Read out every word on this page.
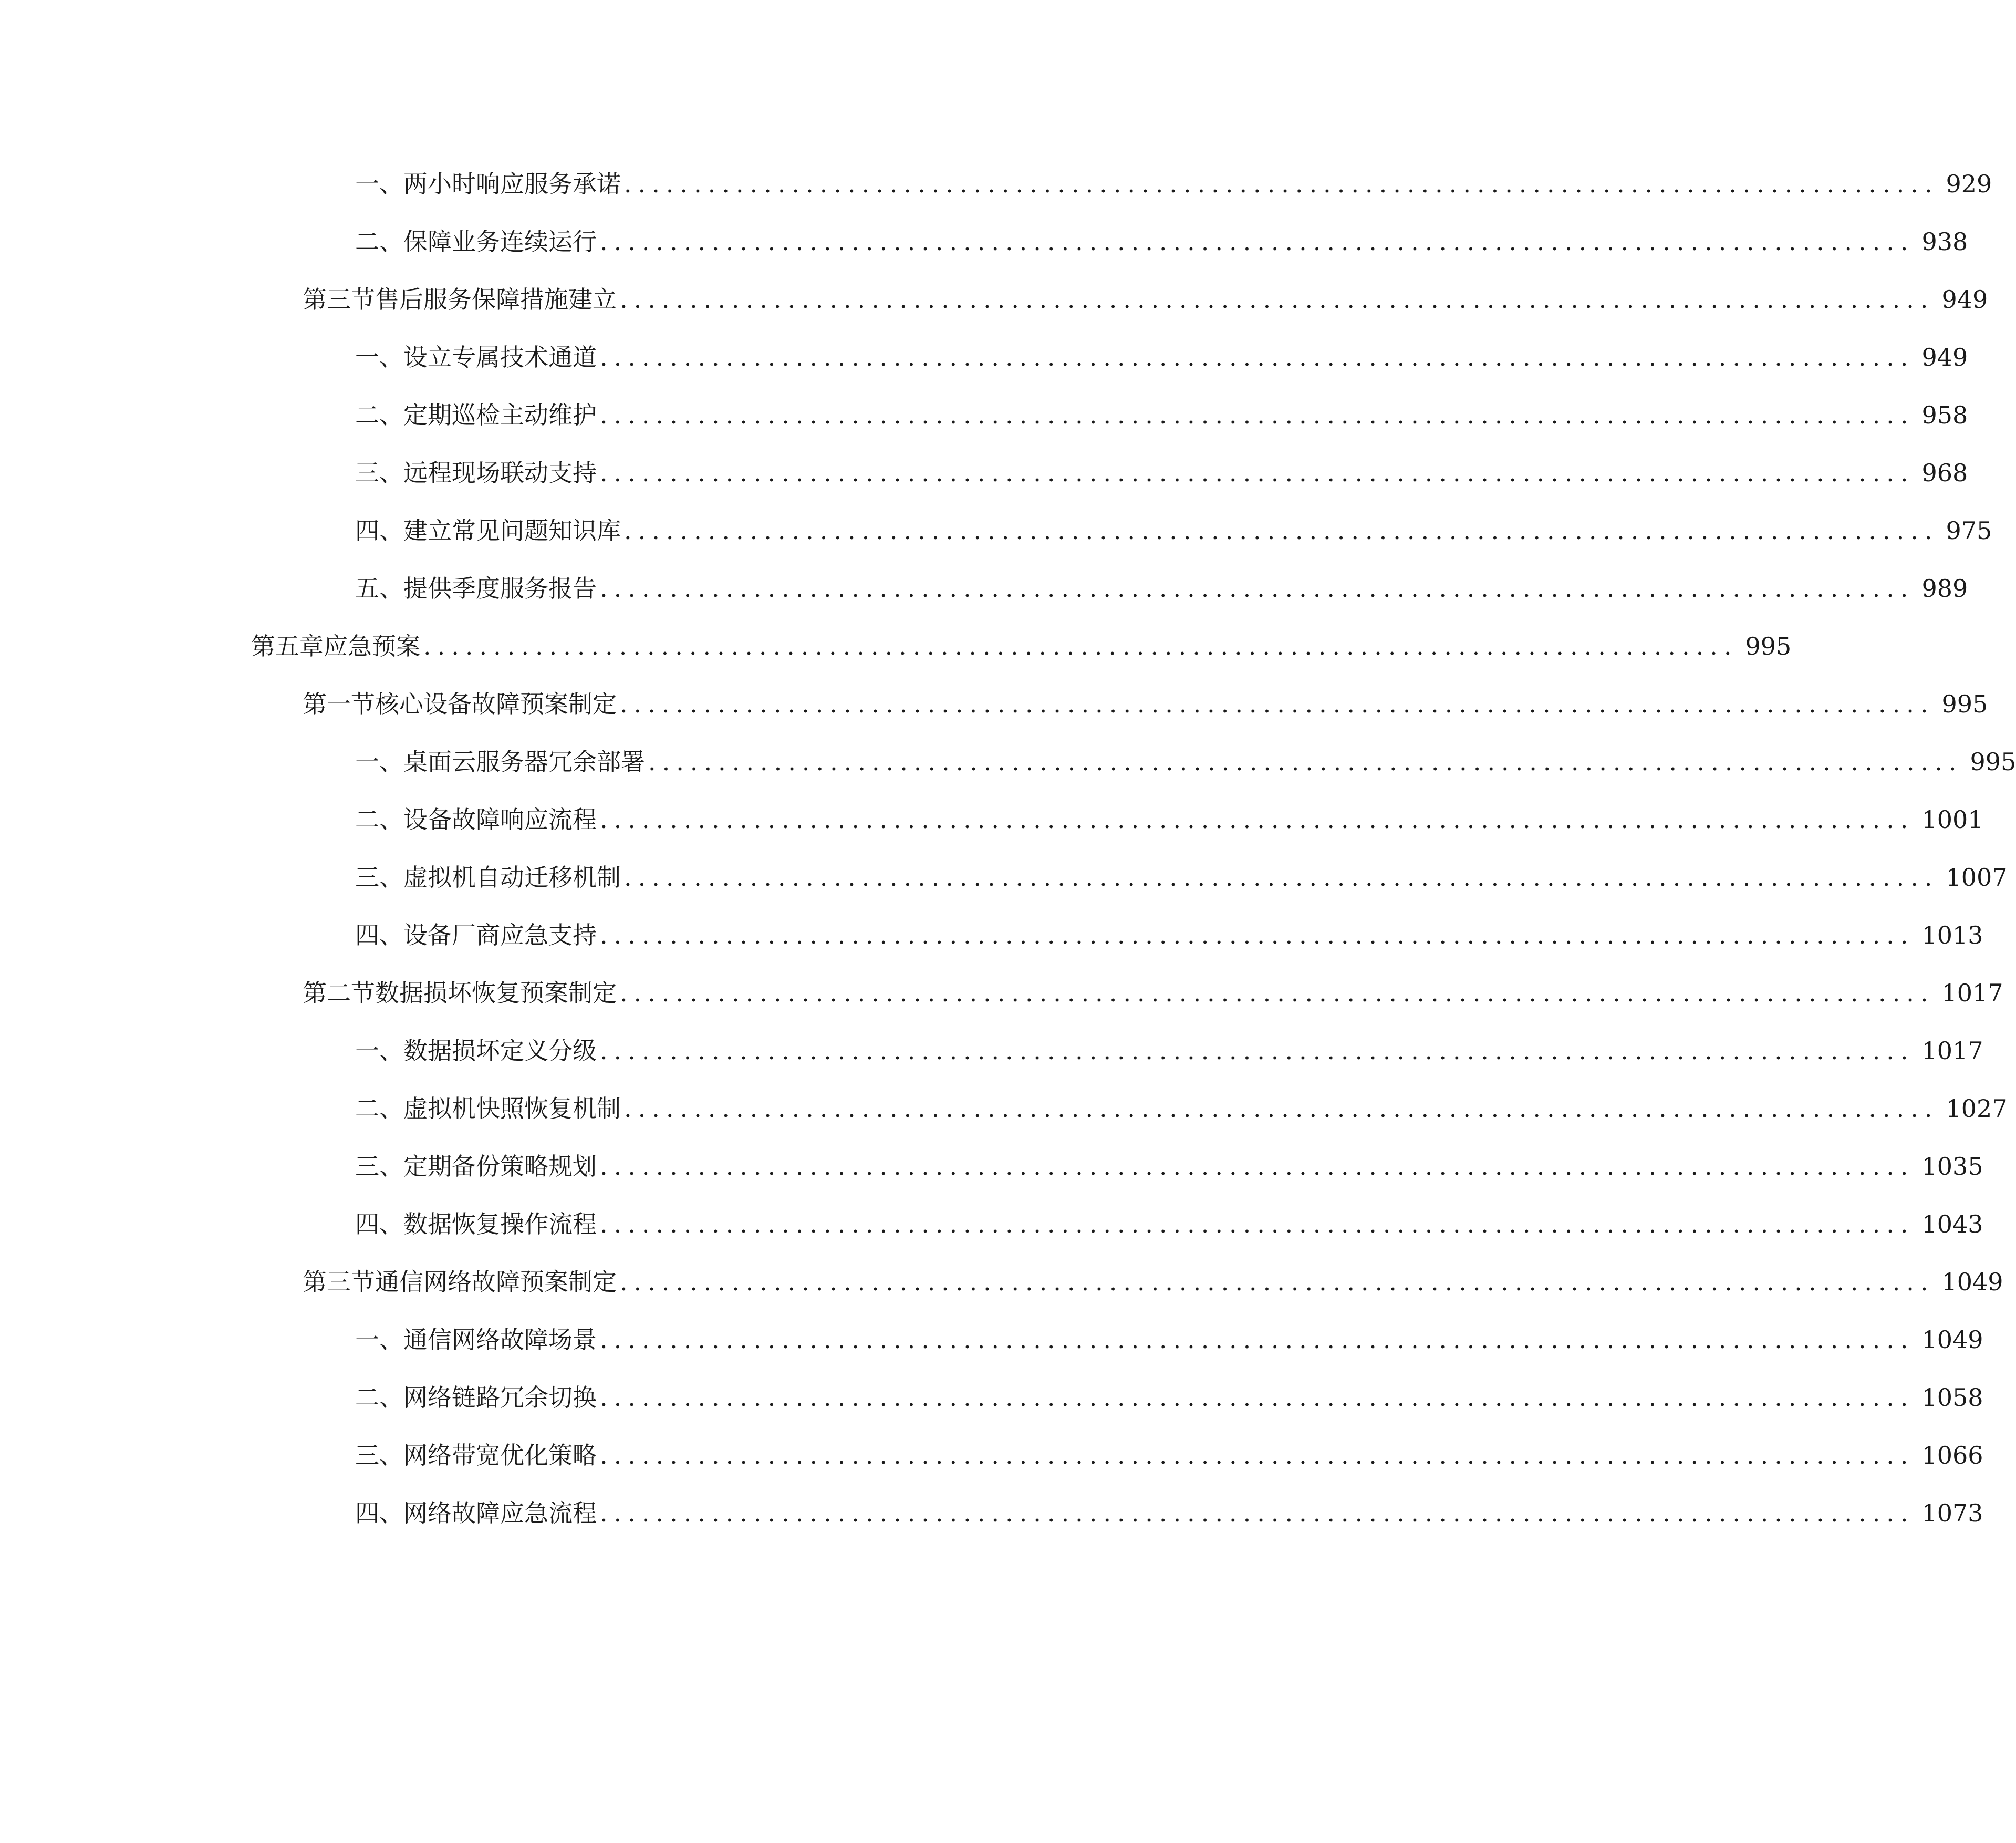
一、 两小时响应服务承诺 .............................................................................................. 929
二、 保障业务连续运行 .............................................................................................. 938
第三节 售后服务保障措施建立 .............................................................................................. 949
一、 设立专属技术通道 .............................................................................................. 949
二、 定期巡检主动维护 .............................................................................................. 958
三、 远程现场联动支持 .............................................................................................. 968
四、 建立常见问题知识库 .............................................................................................. 975
五、 提供季度服务报告 .............................................................................................. 989
第五章 应急预案 .............................................................................................. 995
第一节 核心设备故障预案制定 .............................................................................................. 995
一、 桌面云服务器冗余部署 .............................................................................................. 995
二、 设备故障响应流程 .............................................................................................. 1001
三、 虚拟机自动迁移机制 .............................................................................................. 1007
四、 设备厂商应急支持 .............................................................................................. 1013
第二节 数据损坏恢复预案制定 .............................................................................................. 1017
一、 数据损坏定义分级 .............................................................................................. 1017
二、 虚拟机快照恢复机制 .............................................................................................. 1027
三、 定期备份策略规划 .............................................................................................. 1035
四、 数据恢复操作流程 .............................................................................................. 1043
第三节 通信网络故障预案制定 .............................................................................................. 1049
一、 通信网络故障场景 .............................................................................................. 1049
二、 网络链路冗余切换 .............................................................................................. 1058
三、 网络带宽优化策略 .............................................................................................. 1066
四、 网络故障应急流程 .............................................................................................. 1073
